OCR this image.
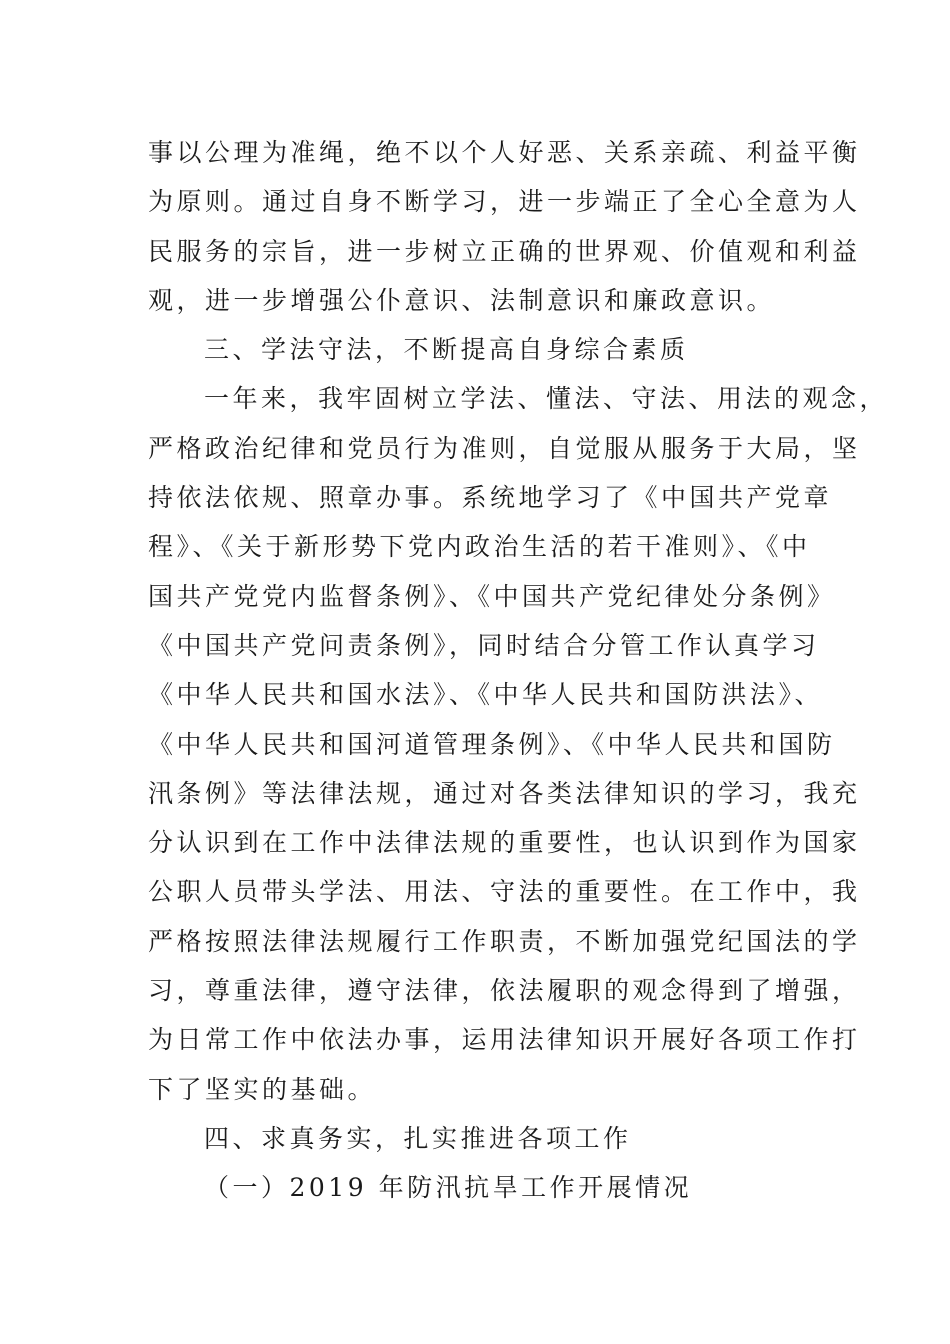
事以公理为准绳，绝不以个人好恶、关系亲疏、利益平衡
为原则。通过自身不断学习，进一步端正了全心全意为人
民服务的宗旨，进一步树立正确的世界观、价值观和利益
观，进一步增强公仆意识、法制意识和廉政意识。
三、学法守法，不断提高自身综合素质
一年来，我牢固树立学法、懂法、守法、用法的观念，
严格政治纪律和党员行为准则，自觉服从服务于大局，坚
持依法依规、照章办事。系统地学习了《中国共产党章
程》、《关于新形势下党内政治生活的若干准则》、《中
国共产党党内监督条例》、《中国共产党纪律处分条例》
《中国共产党问责条例》，同时结合分管工作认真学习
《中华人民共和国水法》、《中华人民共和国防洪法》、
《中华人民共和国河道管理条例》、《中华人民共和国防
汛条例》等法律法规，通过对各类法律知识的学习，我充
分认识到在工作中法律法规的重要性，也认识到作为国家
公职人员带头学法、用法、守法的重要性。在工作中，我
严格按照法律法规履行工作职责，不断加强党纪国法的学
习，尊重法律，遵守法律，依法履职的观念得到了增强，
为日常工作中依法办事，运用法律知识开展好各项工作打
下了坚实的基础。
四、求真务实，扎实推进各项工作
（一）2019 年防汛抗旱工作开展情况
